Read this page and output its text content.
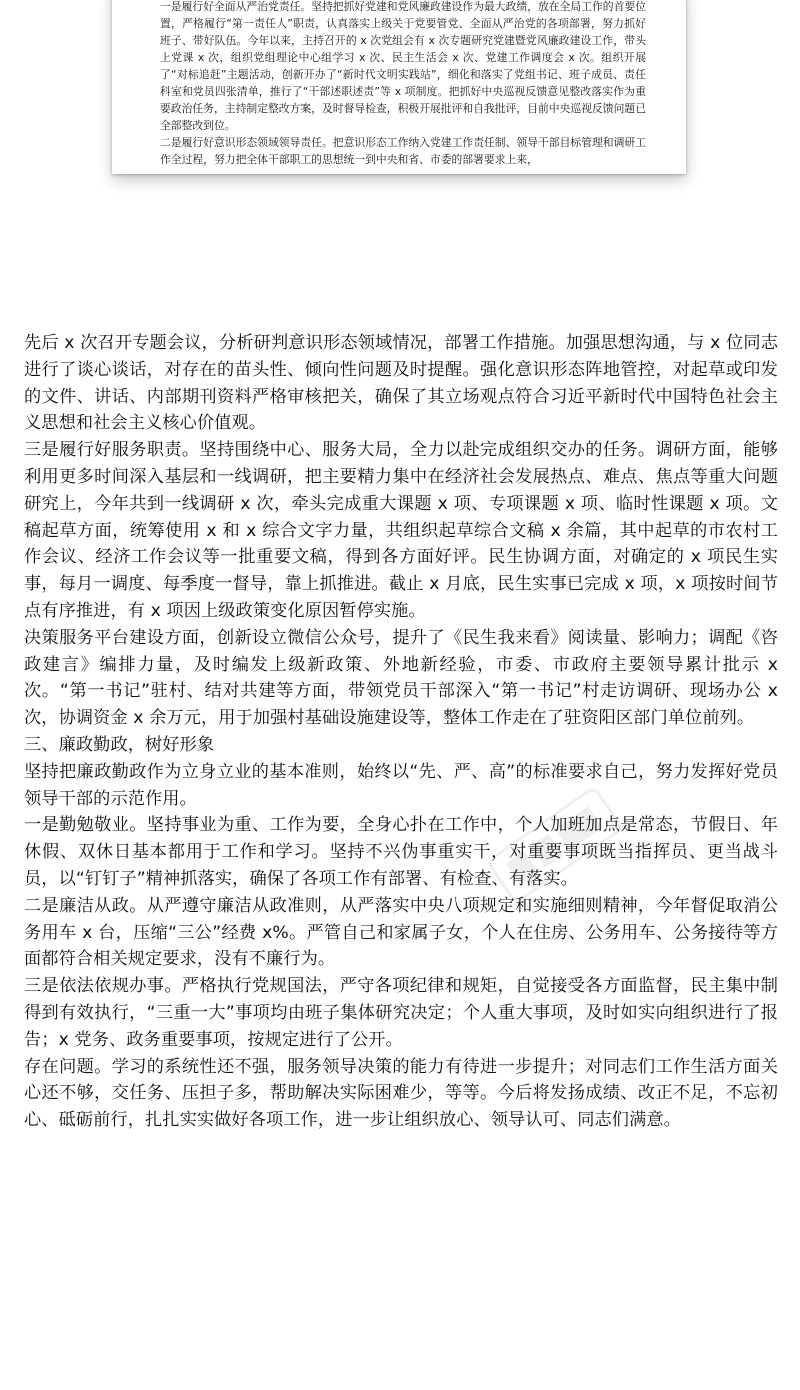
一是履行好全面从严治党责任。坚持把抓好党建和党风廉政建设作为最大政绩，放在全局工作的首要位置，严格履行“第一责任人”职责，认真落实上级关于党要管党、全面从严治党的各项部署，努力抓好班子、带好队伍。今年以来，主持召开的 x 次党组会有 x 次专题研究党建暨党风廉政建设工作，带头上党课 x 次，组织党组理论中心组学习 x 次、民主生活会 x 次、党建工作调度会 x 次。组织开展了“对标追赶”主题活动，创新开办了“新时代文明实践站”，细化和落实了党组书记、班子成员、责任科室和党员四张清单，推行了“干部述职述责”等 x 项制度。把抓好中央巡视反馈意见整改落实作为重要政治任务，主持制定整改方案，及时督导检查，积极开展批评和自我批评，目前中央巡视反馈问题已全部整改到位。

二是履行好意识形态领域领导责任。把意识形态工作纳入党建工作责任制、领导干部目标管理和调研工作全过程，努力把全体干部职工的思想统一到中央和省、市委的部署要求上来，

先后 x 次召开专题会议，分析研判意识形态领域情况，部署工作措施。加强思想沟通，与 x 位同志进行了谈心谈话，对存在的苗头性、倾向性问题及时提醒。强化意识形态阵地管控，对起草或印发的文件、讲话、内部期刊资料严格审核把关，确保了其立场观点符合习近平新时代中国特色社会主义思想和社会主义核心价值观。

三是履行好服务职责。坚持围绕中心、服务大局，全力以赴完成组织交办的任务。调研方面，能够利用更多时间深入基层和一线调研，把主要精力集中在经济社会发展热点、难点、焦点等重大问题研究上，今年共到一线调研 x 次，牵头完成重大课题 x 项、专项课题 x 项、临时性课题 x 项。文稿起草方面，统筹使用 x 和 x 综合文字力量，共组织起草综合文稿 x 余篇，其中起草的市农村工作会议、经济工作会议等一批重要文稿，得到各方面好评。民生协调方面，对确定的 x 项民生实事，每月一调度、每季度一督导，靠上抓推进。截止 x 月底，民生实事已完成 x 项，x 项按时间节点有序推进，有 x 项因上级政策变化原因暂停实施。

决策服务平台建设方面，创新设立微信公众号，提升了《民生我来看》阅读量、影响力；调配《咨政建言》编排力量，及时编发上级新政策、外地新经验，市委、市政府主要领导累计批示 x 次。“第一书记”驻村、结对共建等方面，带领党员干部深入“第一书记”村走访调研、现场办公 x 次，协调资金 x 余万元，用于加强村基础设施建设等，整体工作走在了驻资阳区部门单位前列。

三、廉政勤政，树好形象

坚持把廉政勤政作为立身立业的基本准则，始终以“先、严、高”的标准要求自己，努力发挥好党员领导干部的示范作用。

一是勤勉敬业。坚持事业为重、工作为要，全身心扑在工作中，个人加班加点是常态，节假日、年休假、双休日基本都用于工作和学习。坚持不兴伪事重实干，对重要事项既当指挥员、更当战斗员，以“钉钉子”精神抓落实，确保了各项工作有部署、有检查、有落实。

二是廉洁从政。从严遵守廉洁从政准则，从严落实中央八项规定和实施细则精神，今年督促取消公务用车 x 台，压缩“三公”经费 x%。严管自己和家属子女，个人在住房、公务用车、公务接待等方面都符合相关规定要求，没有不廉行为。

三是依法依规办事。严格执行党规国法，严守各项纪律和规矩，自觉接受各方面监督，民主集中制得到有效执行，“三重一大”事项均由班子集体研究决定；个人重大事项，及时如实向组织进行了报告；x 党务、政务重要事项，按规定进行了公开。

存在问题。学习的系统性还不强，服务领导决策的能力有待进一步提升；对同志们工作生活方面关心还不够，交任务、压担子多，帮助解决实际困难少，等等。今后将发扬成绩、改正不足，不忘初心、砥砺前行，扎扎实实做好各项工作，进一步让组织放心、领导认可、同志们满意。
